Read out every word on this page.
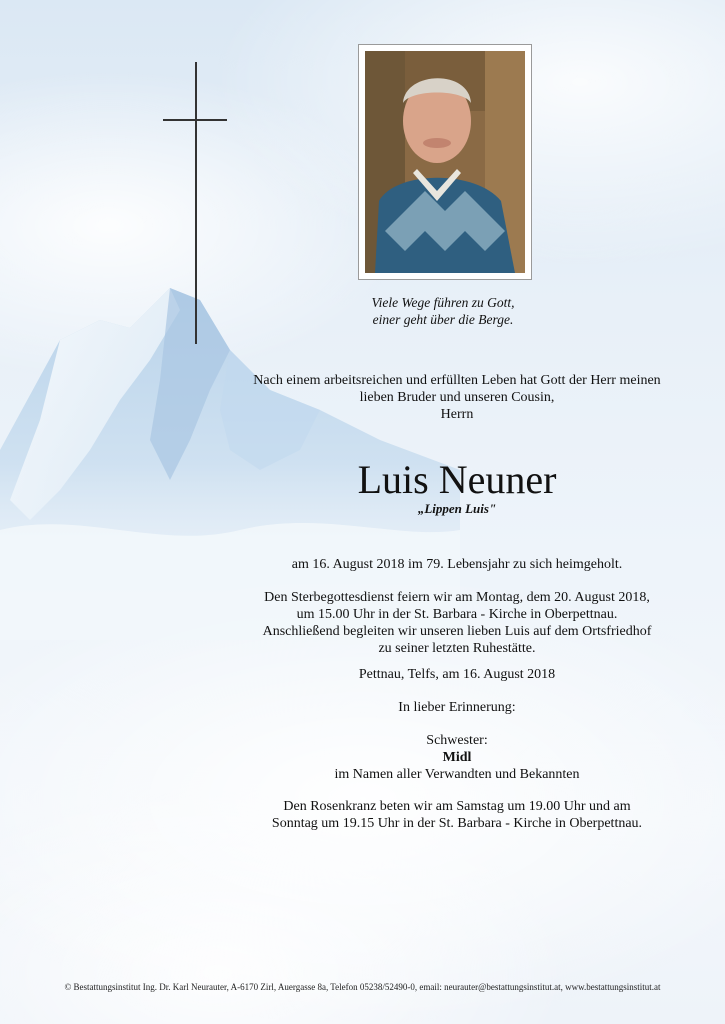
Viele Wege führen zu Gott,
einer geht über die Berge.
Nach einem arbeitsreichen und erfüllten Leben hat Gott der Herr meinen
lieben Bruder und unseren Cousin,
Herrn
Luis Neuner
„Lippen Luis"
am 16. August 2018 im 79. Lebensjahr zu sich heimgeholt.
Den Sterbegottesdienst feiern wir am Montag, dem 20. August 2018,
um 15.00 Uhr in der St. Barbara - Kirche in Oberpettnau.
Anschließend begleiten wir unseren lieben Luis auf dem Ortsfriedhof
zu seiner letzten Ruhestätte.
Pettnau, Telfs, am 16. August 2018
In lieber Erinnerung:
Schwester:
Midl
im Namen aller Verwandten und Bekannten
Den Rosenkranz beten wir am Samstag um 19.00 Uhr und am
Sonntag um 19.15 Uhr in der St. Barbara - Kirche in Oberpettnau.
© Bestattungsinstitut Ing. Dr. Karl Neurauter, A-6170 Zirl, Auergasse 8a, Telefon 05238/52490-0, email: neurauter@bestattungsinstitut.at, www.bestattungsinstitut.at
